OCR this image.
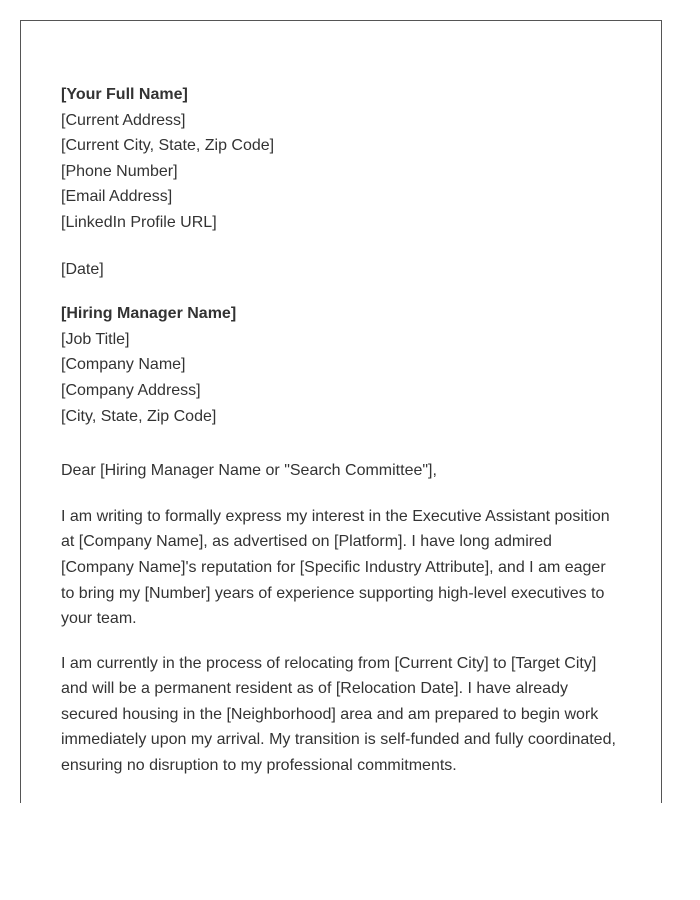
[Your Full Name]
[Current Address]
[Current City, State, Zip Code]
[Phone Number]
[Email Address]
[LinkedIn Profile URL]
[Date]
[Hiring Manager Name]
[Job Title]
[Company Name]
[Company Address]
[City, State, Zip Code]
Dear [Hiring Manager Name or "Search Committee"],

I am writing to formally express my interest in the Executive Assistant position at [Company Name], as advertised on [Platform]. I have long admired [Company Name]'s reputation for [Specific Industry Attribute], and I am eager to bring my [Number] years of experience supporting high-level executives to your team.

I am currently in the process of relocating from [Current City] to [Target City] and will be a permanent resident as of [Relocation Date]. I have already secured housing in the [Neighborhood] area and am prepared to begin work immediately upon my arrival. My transition is self-funded and fully coordinated, ensuring no disruption to my professional commitments.
